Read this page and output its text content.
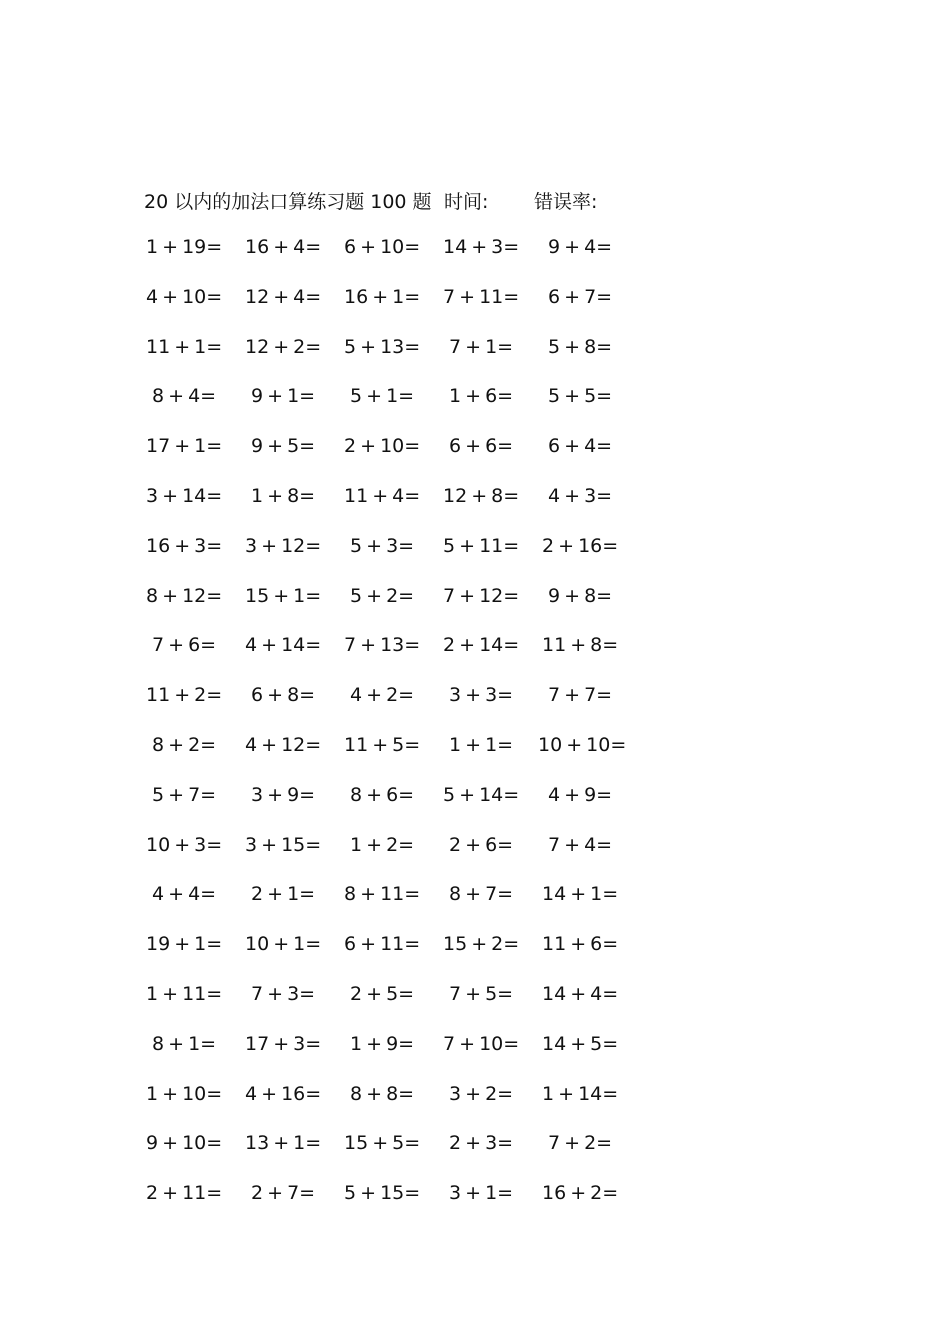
20 以内的加法口算练习题 100 题 时间: 错误率:
1 + 19= 16 + 4= 6 + 10= 14 + 3= 9 + 4=
4 + 10= 12 + 4= 16 + 1= 7 + 11= 6 + 7=
11 + 1= 12 + 2= 5 + 13= 7 + 1= 5 + 8=
8 + 4= 9 + 1= 5 + 1= 1 + 6= 5 + 5=
17 + 1= 9 + 5= 2 + 10= 6 + 6= 6 + 4=
3 + 14= 1 + 8= 11 + 4= 12 + 8= 4 + 3=
16 + 3= 3 + 12= 5 + 3= 5 + 11= 2 + 16=
8 + 12= 15 + 1= 5 + 2= 7 + 12= 9 + 8=
7 + 6= 4 + 14= 7 + 13= 2 + 14= 11 + 8=
11 + 2= 6 + 8= 4 + 2= 3 + 3= 7 + 7=
8 + 2= 4 + 12= 11 + 5= 1 + 1= 10 + 10=
5 + 7= 3 + 9= 8 + 6= 5 + 14= 4 + 9=
10 + 3= 3 + 15= 1 + 2= 2 + 6= 7 + 4=
4 + 4= 2 + 1= 8 + 11= 8 + 7= 14 + 1=
19 + 1= 10 + 1= 6 + 11= 15 + 2= 11 + 6=
1 + 11= 7 + 3= 2 + 5= 7 + 5= 14 + 4=
8 + 1= 17 + 3= 1 + 9= 7 + 10= 14 + 5=
1 + 10= 4 + 16= 8 + 8= 3 + 2= 1 + 14=
9 + 10= 13 + 1= 15 + 5= 2 + 3= 7 + 2=
2 + 11= 2 + 7= 5 + 15= 3 + 1= 16 + 2=
